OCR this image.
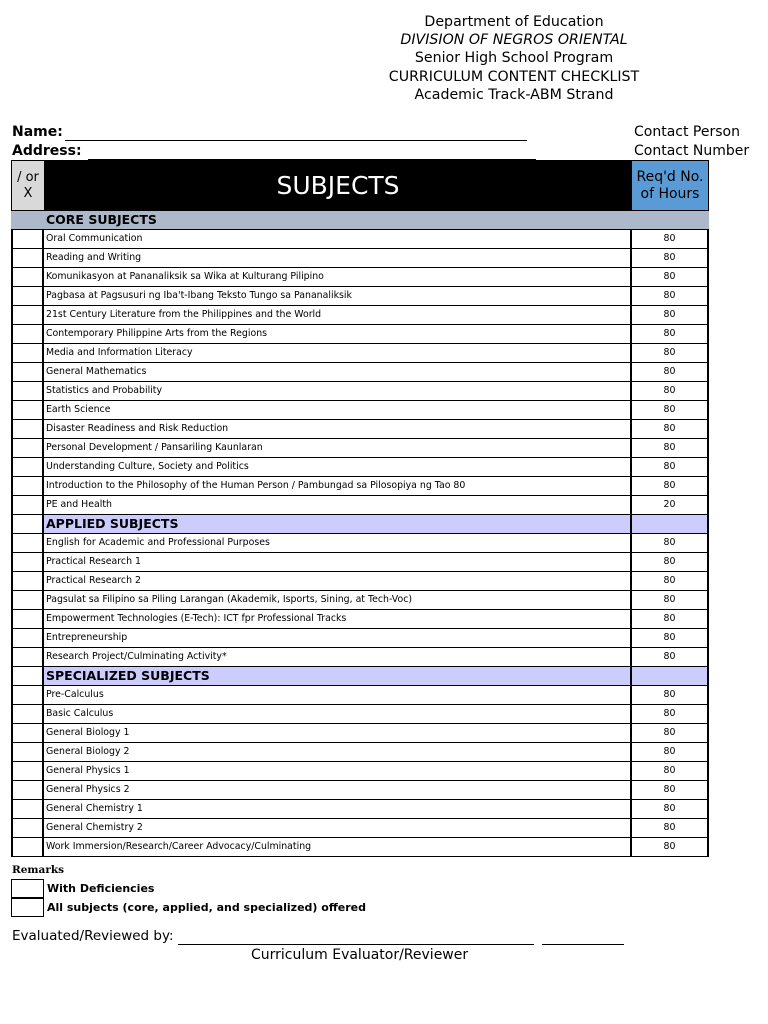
Department of Education
DIVISION OF NEGROS ORIENTAL
Senior High School Program
CURRICULUM CONTENT CHECKLIST
Academic Track-ABM Strand
Name:
Address:
Contact Person
Contact Number
/ or X	SUBJECTS	Req'd No. of Hours
CORE SUBJECTS
Oral Communication	80
Reading and Writing	80
Komunikasyon at Pananaliksik sa Wika at Kulturang Pilipino	80
Pagbasa at Pagsusuri ng Iba't-Ibang Teksto Tungo sa Pananaliksik	80
21st Century Literature from the Philippines and the World	80
Contemporary Philippine Arts from the Regions	80
Media and Information Literacy	80
General Mathematics	80
Statistics and Probability	80
Earth Science	80
Disaster Readiness and Risk Reduction	80
Personal Development / Pansariling Kaunlaran	80
Understanding Culture, Society and Politics	80
Introduction to the Philosophy of the Human Person / Pambungad sa Pilosopiya ng Tao 80	80
PE and Health	20
APPLIED SUBJECTS
English for Academic and Professional Purposes	80
Practical Research 1	80
Practical Research 2	80
Pagsulat sa Filipino sa Piling Larangan (Akademik, Isports, Sining, at Tech-Voc)	80
Empowerment Technologies (E-Tech): ICT fpr Professional Tracks	80
Entrepreneurship	80
Research Project/Culminating Activity*	80
SPECIALIZED SUBJECTS
Pre-Calculus	80
Basic Calculus	80
General Biology 1	80
General Biology 2	80
General Physics 1	80
General Physics 2	80
General Chemistry 1	80
General Chemistry 2	80
Work Immersion/Research/Career Advocacy/Culminating	80
Remarks
With Deficiencies
All subjects (core, applied, and specialized) offered
Evaluated/Reviewed by:
Curriculum Evaluator/Reviewer
